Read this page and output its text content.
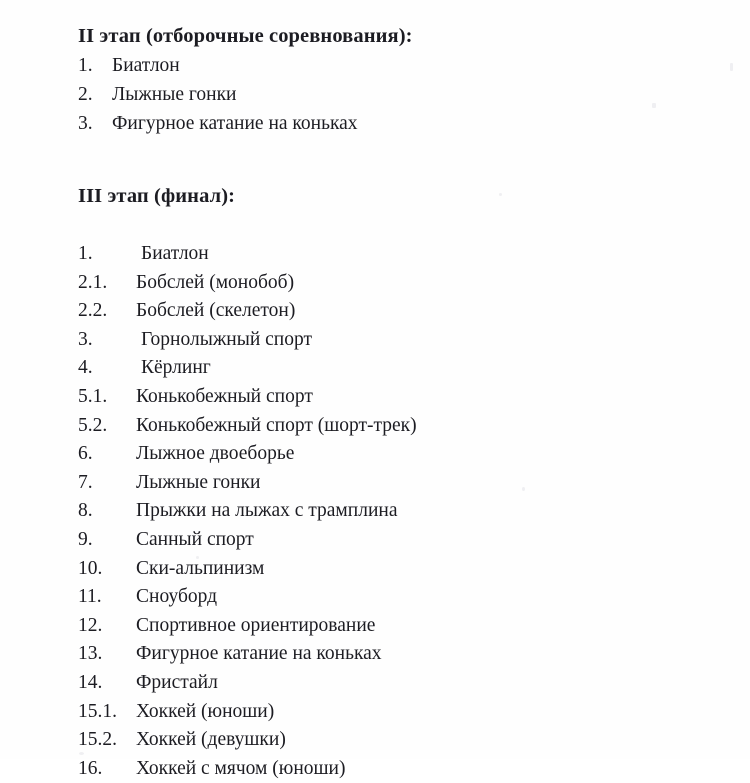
II этап (отборочные соревнования):
1. Биатлон
2. Лыжные гонки
3. Фигурное катание на коньках
III этап (финал):
1.	Биатлон
2.1.	Бобслей (монобоб)
2.2.	Бобслей (скелетон)
3.	Горнолыжный спорт
4.	Кёрлинг
5.1.	Конькобежный спорт
5.2.	Конькобежный спорт (шорт-трек)
6.	Лыжное двоеборье
7.	Лыжные гонки
8.	Прыжки на лыжах с трамплина
9.	Санный спорт
10.	Ски-альпинизм
11.	Сноуборд
12.	Спортивное ориентирование
13.	Фигурное катание на коньках
14.	Фристайл
15.1. Хоккей (юноши)
15.2. Хоккей (девушки)
16.	Хоккей с мячом (юноши)
